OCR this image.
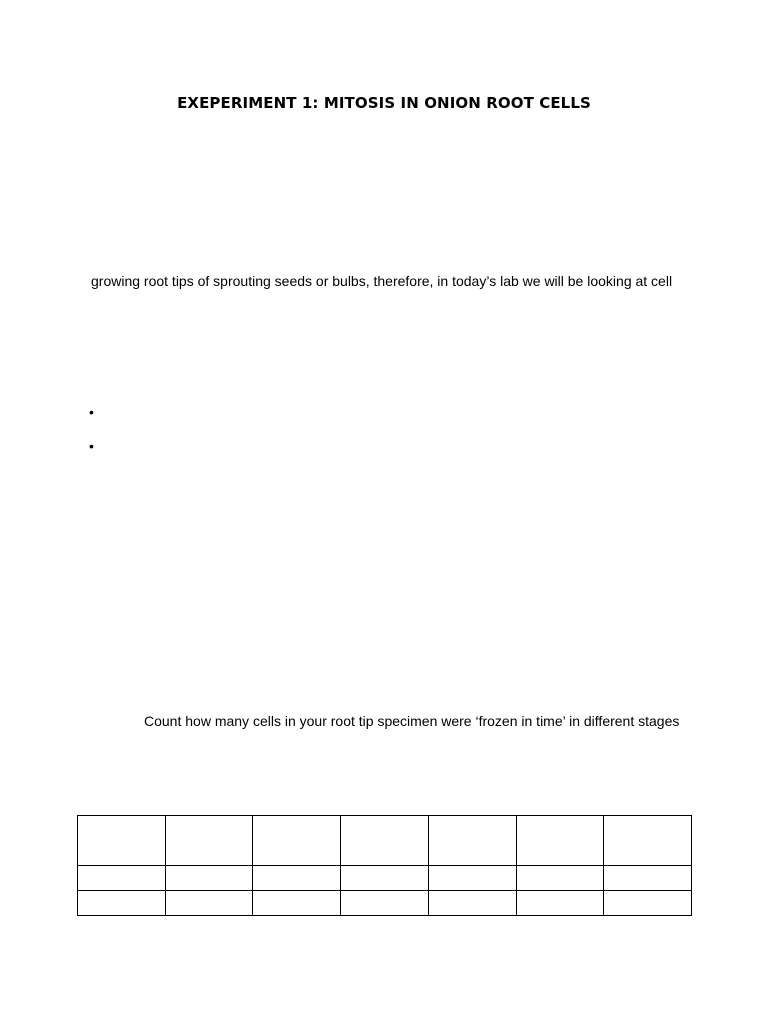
EXEPERIMENT 1: MITOSIS IN ONION ROOT CELLS
growing root tips of sprouting seeds or bulbs, therefore, in today’s lab we will be looking at cell
•
•
Count how many cells in your root tip specimen were ‘frozen in time’ in different stages
